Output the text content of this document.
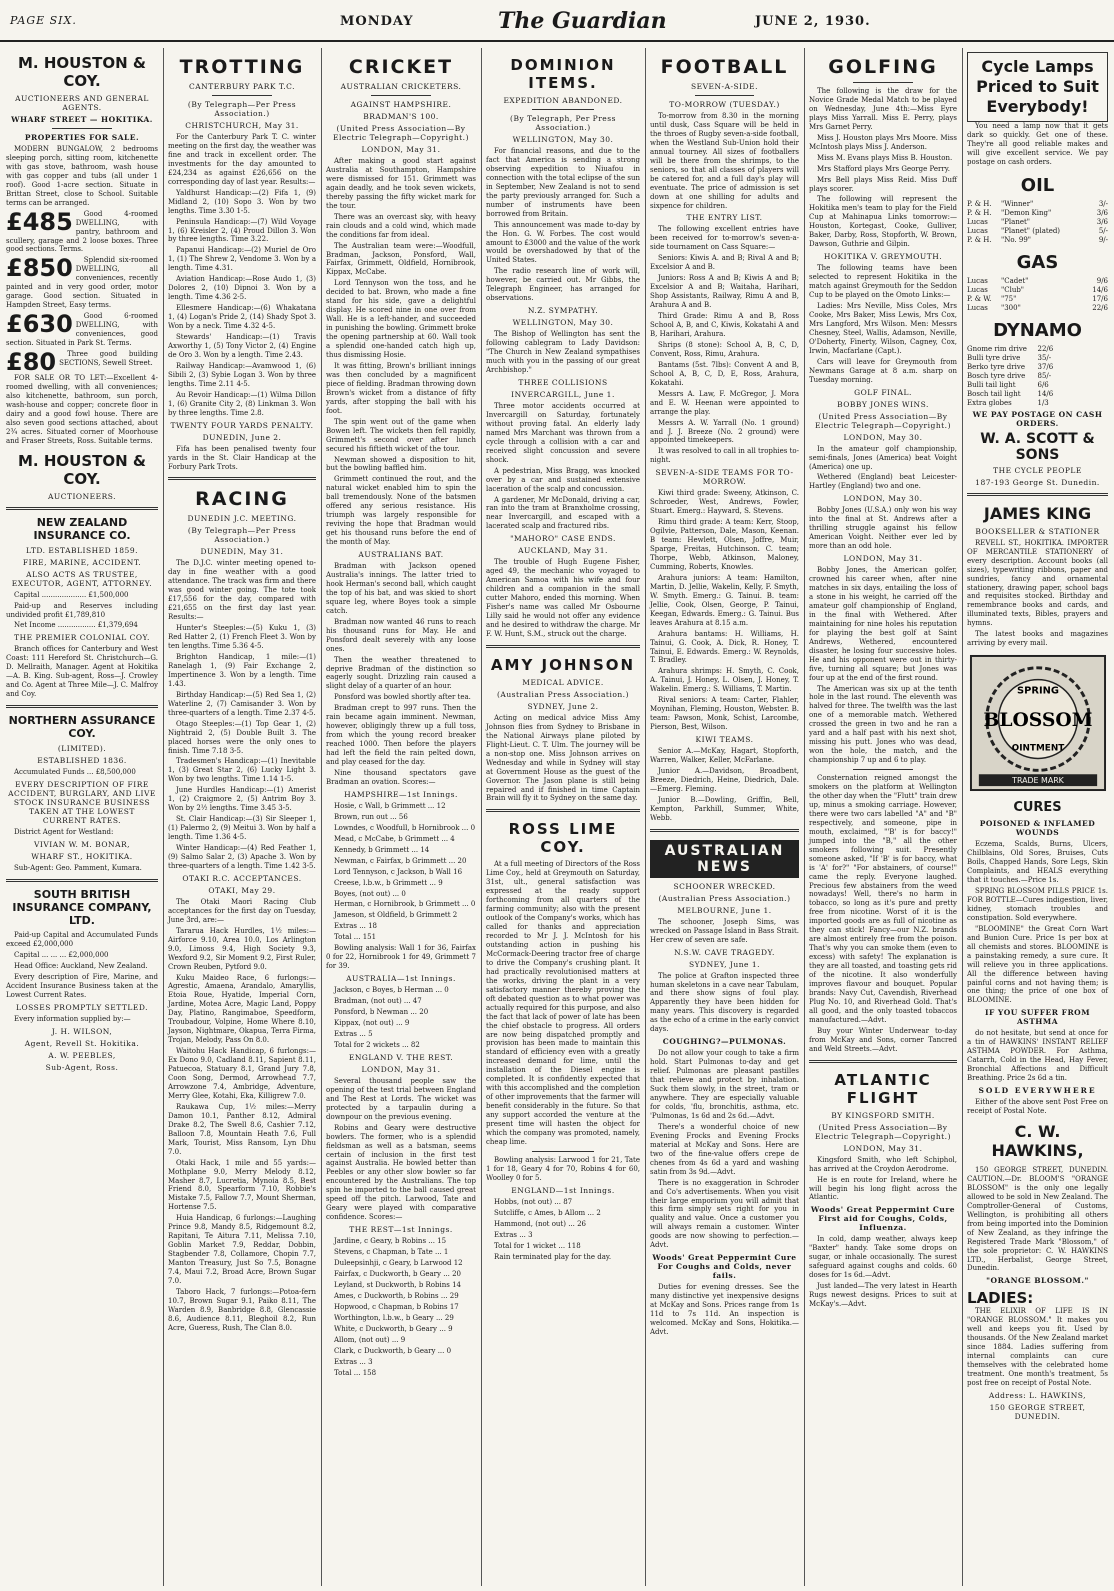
PAGE SIX.	MONDAY	The Guardian	JUNE 2, 1930.
M. HOUSTON & COY.
AUCTIONEERS AND GENERAL AGENTS.
WHARF STREET — HOKITIKA.
PROPERTIES FOR SALE.

MODERN BUNGALOW, 2 bedrooms sleeping porch, sitting room, kitchenette with gas stove, bathroom, wash house with gas copper and tubs (all under 1 roof). Good 1-acre section. Situate in Brittan Street, close to School. Suitable terms can be arranged.

£485	Good 4-roomed DWELLING, with pantry, bathroom and scullery, garage and 2 loose boxes. Three good sections. Terms.

£850	Splendid six-roomed DWELLING, all conveniences, recently painted and in very good order, motor garage. Good section. Situated in Hampden Street, Easy terms.

£630	Good 6-roomed DWELLING, with conveniences, good section. Situated in Park St. Terms.

£80	Three good building SECTIONS, Sewell Street.

FOR SALE OR TO LET:—Excellent 4-roomed dwelling, with all conveniences; also kitchenette, bathroom, sun porch, wash-house and copper; concrete floor in dairy and a good fowl house. There are also seven good sections attached, about 2¾ acres. Situated corner of Moorhouse and Fraser Streets, Ross. Suitable terms.

M. HOUSTON & COY.
AUCTIONEERS.
NEW ZEALAND INSURANCE CO.
LTD. ESTABLISHED 1859.
FIRE, MARINE, ACCIDENT.
ALSO ACTS AS TRUSTEE, EXECUTOR, AGENT, ATTORNEY.

Capital .................... £1,500,000

Paid-up and Reserves including undivided profit £1,789,810

Net Income ................. £1,379,694

THE PREMIER COLONIAL COY.

Branch offices for Canterbury and West Coast: 111 Hereford St. Christchurch—G. D. Mellraith, Manager. Agent at Hokitika—A. B. King. Sub-agent, Ross—J. Crowley and Co. Agent at Three Mile—J. C. Malfroy and Coy.

NORTHERN ASSURANCE COY.
(LIMITED).
ESTABLISHED 1836.

Accumulated Funds ... £8,500,000

EVERY DESCRIPTION OF FIRE ACCIDENT, BURGLARY, AND LIVE STOCK INSURANCE BUSINESS TAKEN AT THE LOWEST CURRENT RATES.

District Agent for Westland:

VIVIAN W. M. BONAR,
WHARF ST., HOKITIKA.

Sub-Agent: Geo. Pamment, Kumara.

SOUTH BRITISH INSURANCE COMPANY, LTD.

Paid-up Capital and Accumulated Funds exceed £2,000,000

Capital ... ... ... £2,000,000

Head Office: Auckland, New Zealand.

Every description of Fire, Marine, and Accident Insurance Business taken at the Lowest Current Rates.

LOSSES PROMPTLY SETTLED.

Every information supplied by:—

J. H. WILSON,
Agent, Revell St. Hokitika.
A. W. PEEBLES,
Sub-Agent, Ross.
TROTTING
CANTERBURY PARK T.C.
(By Telegraph—Per Press Association.)
CHRISTCHURCH, May 31.

For the Canterbury Park T. C. winter meeting on the first day, the weather was fine and track in excellent order. The investments for the day amounted to £24,234 as against £26,656 on the corresponding day of last year. Results:—

Yaldhurst Handicap:—(2) Fifa 1, (9) Midland 2, (10) Sopo 3. Won by two lengths. Time 3.30 1-5.

Peninsula Handicap:—(7) Wild Voyage 1, (6) Kreisler 2, (4) Proud Dillon 3. Won by three lengths. Time 3.22.

Papanui Handicap:—(2) Muriel de Oro 1, (1) The Shrew 2, Vendome 3. Won by a length. Time 4.31.

Aviation Handicap:—Rose Audo 1, (3) Dolores 2, (10) Dipnoi 3. Won by a length. Time 4.36 2-5.

Ellesmere Handicap:—(6) Whakatana 1, (4) Logan's Pride 2, (14) Shady Spot 3. Won by a neck. Time 4.32 4-5.

Stewards' Handicap:—(1) Travis Axworthy 1, (5) Tony Victor 2, (4) Engine de Oro 3. Won by a length. Time 2.43.

Railway Handicap:—Avamwood 1, (6) Sibili 2, (3) Sybie Logan 3. Won by three lengths. Time 2.11 4-5.

Au Revoir Handicap:—(1) Wilma Dillon 1, (6) Granite City 2, (8) Linkman 3. Won by three lengths. Time 2.8.

TWENTY FOUR YARDS PENALTY.
DUNEDIN, June 2.

Fifa has been penalised twenty four yards in the St. Clair Handicap at the Forbury Park Trots.

RACING
DUNEDIN J.C. MEETING.
(By Telegraph—Per Press Association.)
DUNEDIN, May 31.

The D.J.C. winter meeting opened to-day in fine weather with a good attendance. The track was firm and there was good winter going. The tote took £17,556 for the day, compared with £21,655 on the first day last year. Results:—

Hunter's Steeples:—(5) Kuku 1, (3) Red Hatter 2, (1) French Fleet 3. Won by ten lengths. Time 5.36 4-5.

Brighton Handicap, 1 mile:—(1) Ranelagh 1, (9) Fair Exchange 2, Impertinence 3. Won by a length. Time 1.43.

Birthday Handicap:—(5) Red Sea 1, (2) Waterline 2, (7) Camisander 3. Won by three-quarters of a length. Time 2.37 4-5.

Otago Steeples:—(1) Top Gear 1, (2) Nightraid 2, (5) Double Built 3. The placed horses were the only ones to finish. Time 7.18 3-5.

Tradesmen's Handicap:—(1) Inevitable 1, (3) Great Star 2, (6) Lucky Light 3. Won by two lengths. Time 1.14 1-5.

June Hurdles Handicap:—(1) Amerist 1, (2) Craigmore 2, (5) Antrim Boy 3. Won by 2½ lengths. Time 3.45 3-5.

St. Clair Handicap:—(3) Sir Sleeper 1, (1) Palermo 2, (9) Meitui 3. Won by half a length. Time 1.36 4-5.

Winter Handicap:—(4) Red Feather 1, (9) Salmo Salar 2, (3) Apache 3. Won by three-quarters of a length. Time 1.42 3-5.

OTAKI R.C. ACCEPTANCES.
OTAKI, May 29.

The Otaki Maori Racing Club acceptances for the first day on Tuesday, June 3rd, are:—

Tararua Hack Hurdles, 1½ miles:—Airforce 9.10, Area 10.0, Los Arlington 9.0, Limoss 9.4, High Society 9.3, Wexford 9.2, Sir Moment 9.2, First Ruler, Crown Reuben, Pytford 9.0.

Kuku Maideo Race, 6 furlongs:—Agrestic, Amaena, Arandalo, Amaryllis, Etoia Roue, Hyatide, Imperial Corn, Jardine, Motea Acre, Magic Land, Poppy Day, Platino, Rangimaboe, Speedform, Troubadour, Volpine, Home Where 8.10, Jayson, Nightmare, Okapua, Terra Firma, Trojan, Melody, Pass On 8.0.

Waitohu Hack Handicap, 6 furlongs:—Ex Dono 9.0, Cadland 8.11, Sapient 8.11, Patuecoa, Statuary 8.1, Grand Jury 7.8, Coon Song, Dermod, Arrowhead 7.7, Arrowzone 7.4, Ambridge, Adventure, Merry Glee, Kotahi, Eka, Killigrew 7.0.

Raukawa Cup, 1½ miles:—Merry Damon 10.1, Panther 8.12, Admiral Drake 8.2, The Swell 8.6, Cashier 7.12, Balloon 7.8, Mountain Heath 7.6, Full Mark, Tourist, Miss Ransom, Lyn Dhu 7.0.

Otaki Hack, 1 mile and 55 yards:—Mothplane 9.0, Merry Melody 8.12, Masher 8.7, Lucretia, Mynoia 8.5, Best Friend 8.0, Spearform 7.10, Robbie's Mistake 7.5, Fallow 7.7, Mount Sherman, Hortense 7.5.

Huia Handicap, 6 furlongs:—Laughing Prince 9.8, Mandy 8.5, Ridgemount 8.2, Rapitani, Te Aitura 7.11, Melissa 7.10, Goblin Market 7.9, Reddar, Dobbin, Stagbender 7.8, Collamore, Chopin 7.7, Manton Treasury, Just So 7.5, Bonagne 7.4, Maui 7.2, Broad Acre, Brown Sugar 7.0.

Taboro Hack, 7 furlongs:—Potoa-fern 10.7, Brown Sugar 9.1, Paiko 8.11, The Warden 8.9, Banbridge 8.8, Glencassie 8.6, Audience 8.11, Bleghoil 8.2, Run Acre, Gueress, Rush, The Clan 8.0.

CRICKET
AUSTRALIAN CRICKETERS.
AGAINST HAMPSHIRE.
BRADMAN'S 100.
(United Press Association—By Electric Telegraph—Copyright.)
LONDON, May 31.

After making a good start against Australia at Southampton, Hampshire were dismissed for 151. Grimmett was again deadly, and he took seven wickets, thereby passing the fifty wicket mark for the tour.

There was an overcast sky, with heavy rain clouds and a cold wind, which made the conditions far from ideal.

The Australian team were:—Woodfull, Bradman, Jackson, Ponsford, Wall, Fairfax, Grimmett, Oldfield, Hornibrook, Kippax, McCabe.

Lord Tennyson won the toss, and he decided to bat. Brown, who made a fine stand for his side, gave a delightful display. He scored nine in one over from Wall. He is a left-hander, and succeeded in punishing the bowling. Grimmett broke the opening partnership at 60. Wall took a splendid one-handed catch high up, thus dismissing Hosie.

It was fitting, Brown's brilliant innings was then concluded by a magnificent piece of fielding. Bradman throwing down Brown's wicket from a distance of fifty yards, after stopping the ball with his foot.

The spin went out of the game when Bowen left. The wickets then fell rapidly, Grimmett's second over after lunch secured his fiftieth wicket of the tour.

Newman showed a disposition to hit, but the bowling baffled him.

Grimmett continued the rout, and the natural wicket enabled him to spin the ball tremendously. None of the batsmen offered any serious resistance. His triumph was largely responsible for reviving the hope that Bradman would get his thousand runs before the end of the month of May.

AUSTRALIANS BAT.

Bradman with Jackson opened Australia's innings. The latter tried to hook Herman's second ball, which caught the top of his bat, and was skied to short square leg, where Boyes took a simple catch.

Bradman now wanted 46 runs to reach his thousand runs for May. He and Ponsford dealt severely with any loose ones.

Then the weather threatened to deprive Bradman of the distinction so eagerly sought. Drizzling rain caused a slight delay of a quarter of an hour.

Ponsford was bowled shortly after tea.

Bradman crept to 997 runs. Then the rain became again imminent. Newman, however, obligingly threw up a full toss, from which the young record breaker reached 1000. Then before the players had left the field the rain pelted down, and play ceased for the day.

Nine thousand spectators gave Bradman an ovation. Scores:—

HAMPSHIRE—1st Innings.

Hosie, c Wall, b Grimmett ... 12

Brown, run out ... 56

Lowndes, c Woodfull, b Hornibrook ... 0

Mead, c McCabe, b Grimmett ... 4

Kennedy, b Grimmett ... 14

Newman, c Fairfax, b Grimmett ... 20

Lord Tennyson, c Jackson, b Wall 16

Creese, l.b.w., b Grimmett ... 9

Boyes, (not out) ... 0

Herman, c Hornibrook, b Grimmett ... 0

Jameson, st Oldfield, b Grimmett 2

Extras ... 18

Total ... 151

Bowling analysis: Wall 1 for 36, Fairfax 0 for 22, Hornibrook 1 for 49, Grimmett 7 for 39.

AUSTRALIA—1st Innings.

Jackson, c Boyes, b Herman ... 0

Bradman, (not out) ... 47

Ponsford, b Newman ... 20

Kippax, (not out) ... 9

Extras ... 5

Total for 2 wickets ... 82

ENGLAND V. THE REST.
LONDON, May 31.

Several thousand people saw the opening of the test trial between England and The Rest at Lords. The wicket was protected by a tarpaulin during a downpour on the previous evening.

Robins and Geary were destructive bowlers. The former, who is a splendid fieldsman as well as a batsman, seems certain of inclusion in the first test against Australia. He bowled better than Peebles or any other slow bowler so far encountered by the Australians. The top spin he imported to the ball caused great speed off the pitch. Larwood, Tate and Geary were played with comparative confidence. Scores:—

THE REST—1st Innings.

Jardine, c Geary, b Robins ... 15

Stevens, c Chapman, b Tate ... 1

Duleepsinhji, c Geary, b Larwood 12

Fairfax, c Duckworth, b Geary ... 20

Leyland, st Duckworth, b Robins 14

Ames, c Duckworth, b Robins ... 29

Hopwood, c Chapman, b Robins 17

Worthington, l.b.w., b Geary ... 29

White, c Duckworth, b Geary ... 9

Allom, (not out) ... 9

Clark, c Duckworth, b Geary ... 0

Extras ... 3

Total ... 158

DOMINION ITEMS.
EXPEDITION ABANDONED.
(By Telegraph, Per Press Association.)
WELLINGTON, May 30.

For financial reasons, and due to the fact that America is sending a strong observing expedition to Niuafou in connection with the total eclipse of the sun in September, New Zealand is not to send the party previously arranged for. Such a number of instruments have been borrowed from Britain.

This announcement was made to-day by the Hon. G. W. Forbes. The cost would amount to £3000 and the value of the work would be overshadowed by that of the United States.

The radio research line of work will, however, be carried out. Mr Gibbs, the Telegraph Engineer, has arranged for observations.

N.Z. SYMPATHY.
WELLINGTON, May 30.

The Bishop of Wellington has sent the following cablegram to Lady Davidson: "The Church in New Zealand sympathises much with you in the passing of our great Archbishop."

THREE COLLISIONS
INVERCARGILL, June 1.

Three motor accidents occurred at Invercargill on Saturday, fortunately without proving fatal. An elderly lady named Mrs Marchant was thrown from a cycle through a collision with a car and received slight concussion and severe shock.

A pedestrian, Miss Bragg, was knocked over by a car and sustained extensive laceration of the scalp and concussion.

A gardener, Mr McDonald, driving a car, ran into the tram at Branxholme crossing, near Invercargill, and escaped with a lacerated scalp and fractured ribs.

"MAHORO" CASE ENDS.
AUCKLAND, May 31.

The trouble of Hugh Eugene Fisher, aged 49, the mechanic who voyaged to American Samoa with his wife and four children and a companion in the small cutter Mahoro, ended this morning. When Fisher's name was called Mr Osbourne Lilly said he would not offer any evidence and he desired to withdraw the charge. Mr F. W. Hunt, S.M., struck out the charge.

AMY JOHNSON
MEDICAL ADVICE.
(Australian Press Association.)
SYDNEY, June 2.

Acting on medical advice Miss Amy Johnson flies from Sydney to Brisbane in the National Airways plane piloted by Flight-Lieut. C. T. Ulm. The journey will be a non-stop one. Miss Johnson arrives on Wednesday and while in Sydney will stay at Government House as the guest of the Governor. The Jason plane is still being repaired and if finished in time Captain Brain will fly it to Sydney on the same day.

ROSS LIME COY.

At a full meeting of Directors of the Ross Lime Coy., held at Greymouth on Saturday, 31st, ult., general satisfaction was expressed at the ready support forthcoming from all quarters of the farming community; also with the present outlook of the Company's works, which has called for thanks and appreciation recorded to Mr J. J. McIntosh for his outstanding action in pushing his McCormack-Deering tractor free of charge to drive the Company's crushing plant. It had practically revolutionised matters at the works, driving the plant in a very satisfactory manner thereby proving the oft debated question as to what power was actually required for this purpose, and also the fact that lack of power of late has been the chief obstacle to progress. All orders are now being dispatched promptly and provision has been made to maintain this standard of efficiency even with a greatly increased demand for lime, until the installation of the Diesel engine is completed. It is confidently expected that with this accomplished and the completion of other improvements that the farmer will benefit considerably in the future. So that any support accorded the venture at the present time will hasten the object for which the company was promoted, namely, cheap lime.

Bowling analysis: Larwood 1 for 21, Tate 1 for 18, Geary 4 for 70, Robins 4 for 60, Woolley 0 for 5.

ENGLAND—1st Innings.

Hobbs, (not out) ... 87

Sutcliffe, c Ames, b Allom ... 2

Hammond, (not out) ... 26

Extras ... 3

Total for 1 wicket ... 118

Rain terminated play for the day.

FOOTBALL
SEVEN-A-SIDE.
TO-MORROW (TUESDAY.)

To-morrow from 8.30 in the morning until dusk, Cass Square will be held in the throes of Rugby seven-a-side football, when the Westland Sub-Union hold their annual tourney. All sizes of footballers will be there from the shrimps, to the seniors, so that all classes of players will be catered for, and a full day's play will eventuate. The price of admission is set down at one shilling for adults and sixpence for children.

THE ENTRY LIST.

The following excellent entries have been received for to-morrow's seven-a-side tournament on Cass Square:—

Seniors: Kiwis A. and B; Rival A and B; Excelsior A and B.

Juniors: Ross A and B; Kiwis A and B; Excelsior A and B; Waitaha, Harihari, Shop Assistants, Railway, Rimu A and B, Arahura A and B.

Third Grade: Rimu A and B, Ross School A, B, and C, Kiwis, Kokatahi A and B, Harihari, Arahura.

Shrips (8 stone): School A, B, C, D, Convent, Ross, Rimu, Arahura.

Bantams (5st. 7lbs): Convent A and B, School A, B, C, D, E, Ross, Arahura, Kokatahi.

Messrs A. Law, F. McGregor, J. Mora and E. W. Heenan were appointed to arrange the play.

Messrs A. W. Yarrall (No. 1 ground) and J. J. Breeze (No. 2 ground) were appointed timekeepers.

It was resolved to call in all trophies to-night.

SEVEN-A-SIDE TEAMS FOR TO-MORROW.

Kiwi third grade: Sweeny, Atkinson, C. Schroeder, West, Andrews, Fowler, Stuart. Emerg.: Hayward, S. Stevens.

Rimu third grade: A team: Kerr, Stoop, Ogilvie, Patterson, Dale, Mason, Keenan. B team: Hewlett, Olsen, Joffre, Muir, Sparge, Freitas, Hutchinson. C. team; Thorpe, Webb, Atkinson, Maloney, Cumming, Roberts, Knowles.

Arahura juniors: A team: Hamilton, Martin, D. Jellie, Wakelin, Kelly, F. Smyth, W. Smyth. Emerg.: G. Tainui. B. team: Jellie, Cook, Olsen, George, P. Tainui, Keegan, Edwards. Emerg.: G. Tainui. Bus leaves Arahura at 8.15 a.m.

Arahura bantams: H. Williams, H. Tainui, G. Cook, A. Dick, R. Honey, T. Tainui, E. Edwards. Emerg.: W. Reynolds, T. Bradley.

Arahura shrimps: H. Smyth, C. Cook, A. Tainui, J. Honey, L. Olsen, J. Honey, T. Wakelin. Emerg.: S. Williams, T. Martin.

Rival seniors: A team: Carter, Flahler, Moynihan, Fleming, Houston, Webster. B. team: Pawson, Monk, Schist, Larcombe, Pierson, Best, Wilson.

KIWI TEAMS.

Senior A.—McKay, Hagart, Stopforth, Warren, Walker, Keller, McFarlane.

Junior A.—Davidson, Broadbent, Breeze, Diedrich, Heine, Diedrich, Dale.—Emerg. Fleming.

Junior B.—Dowling, Griffin, Bell, Kempton, Parkhill, Summer, White, Webb.

AUSTRALIAN NEWS
SCHOONER WRECKED.
(Australian Press Association.)
MELBOURNE, June 1.

The schooner, Joseph Sims, was wrecked on Passage Island in Bass Strait. Her crew of seven are safe.

N.S.W. CAVE TRAGEDY.
SYDNEY, June 1.

The police at Grafton inspected three human skeletons in a cave near Tabulam, and there show signs of foul play. Apparently they have been hidden for many years. This discovery is regarded as the echo of a crime in the early convict days.

COUGHING?—PULMONAS.

Do not allow your cough to take a firm hold. Start Pulmonas to-day and get relief. Pulmonas are pleasant pastilles that relieve and protect by inhalation. Suck them slowly, in the street, tram or anywhere. They are especially valuable for colds, 'flu, bronchitis, asthma, etc. 'Pulmonas, 1s 6d and 2s 6d.—Advt.

There's a wonderful choice of new Evening Frocks and Evening Frocks material at McKay and Sons. Here are two of the fine-value offers crepe de chenes from 4s 6d a yard and washing satin from 3s 9d.—Advt.

There is no exaggeration in Schroder and Co's advertisements. When you visit their large emporium you will admit that this firm simply sets right for you in quality and value. Once a customer you will always remain a customer. Winter goods are now showing to perfection.—Advt.

Woods' Great Peppermint Cure For Coughs and Colds, never fails.

Duties for evening dresses. See the many distinctive yet inexpensive designs at McKay and Sons. Prices range from 1s 11d to 7s 11d. An inspection is welcomed. McKay and Sons, Hokitika.—Advt.

GOLFING

The following is the draw for the Novice Grade Medal Match to be played on Wednesday, June 4th:—Miss Eyre plays Miss Yarrall. Miss E. Perry, plays Mrs Garnet Perry.

Miss J. Houston plays Mrs Moore. Miss McIntosh plays Miss J. Anderson.

Miss M. Evans plays Miss B. Houston.

Mrs Stafford plays Mrs George Perry.

Mrs Bell plays Miss Reid. Miss Duff plays scorer.

The following will represent the Hokitika men's team to play for the Field Cup at Mahinapua Links tomorrow:—Houston, Kortegast, Cooke, Gulliver, Baker, Darby, Ross, Stopforth, W. Brown, Dawson, Guthrie and Gilpin.

HOKITIKA V. GREYMOUTH.

The following teams have been selected to represent Hokitika in the match against Greymouth for the Seddon Cup to be played on the Omoto Links:—

Ladies: Mrs Neville, Miss Coles, Mrs Cooke, Mrs Baker, Miss Lewis, Mrs Cox, Mrs Langford, Mrs Wilson. Men: Messrs Chesney, Steel, Wallis, Adamson, Neville, O'Doherty, Finerty, Wilson, Cagney, Cox, Irwin, Macfarlane (Capt.).

Cars will leave for Greymouth from Newmans Garage at 8 a.m. sharp on Tuesday morning.

GOLF FINAL.
BOBBY JONES WINS.
(United Press Association—By Electric Telegraph—Copyright.)
LONDON, May 30.

In the amateur golf championship, semi-finals, Jones (America) beat Voight (America) one up.

Wethered (England) beat Leicester-Hartley (England) two and one.

LONDON, May 30.

Bobby Jones (U.S.A.) only won his way into the final at St. Andrews after a thrilling struggle against his fellow American Voight. Neither ever led by more than an odd hole.

LONDON, May 31.

Bobby Jones, the American golfer, crowned his career when, after nine matches in six days, entailing the loss of a stone in his weight, he carried off the amateur golf championship of England, in the final with Wethered. After maintaining for nine holes his reputation for playing the best golf at Saint Andrews, Wethered, encountered disaster, he losing four successive holes. He and his opponent were out in thirty-five, turning all square; but Jones was four up at the end of the first round.

The American was six up at the tenth hole in the last round. The eleventh was halved for three. The twelfth was the last one of a memorable match. Wethered crossed the green in two and he ran a yard and a half past with his next shot, missing his putt. Jones who was dead, won the hole, the match, and the championship 7 up and 6 to play.

Consternation reigned amongst the smokers on the platform at Wellington the other day when the "Flutt" train drew up, minus a smoking carriage. However, there were two cars labelled "A" and "B" respectively, and someone, pipe in mouth, exclaimed, "'B' is for baccy!" jumped into the "B," all the other smokers following suit. Presently someone asked, "If 'B' is for baccy, what is 'A' for?" "For abstainers, of course!" came the reply. Everyone laughed. Precious few abstainers from the weed nowadays! Well, there's no harm in tobacco, so long as it's pure and pretty free from nicotine. Worst of it is the imported goods are as full of nicotine as they can stick! Fancy—our N.Z. brands are almost entirely free from the poison. That's why you can smoke them (even to excess) with safety! The explanation is they are all toasted, and toasting gets rid of the nicotine. It also wonderfully improves flavour and bouquet. Popular brands: Navy Cut, Cavendish, Riverhead Plug No. 10, and Riverhead Gold. That's all good, and the only toasted tobaccos manufactured.—Advt.

Buy your Winter Underwear to-day from McKay and Sons, corner Tancred and Weld Streets.—Advt.

ATLANTIC FLIGHT
BY KINGSFORD SMITH.
(United Press Association—By Electric Telegraph—Copyright.)
LONDON, May 31.

Kingsford Smith, who left Schiphol, has arrived at the Croydon Aerodrome.

He is en route for Ireland, where he will begin his long flight across the Atlantic.

Woods' Great Peppermint Cure First aid for Coughs, Colds, Influenza.

In cold, damp weather, always keep "Baxter" handy. Take some drops on sugar, or inhale occasionally. The surest safeguard against coughs and colds. 60 doses for 1s 6d.—Advt.

Just landed—The very latest in Hearth Rugs newest designs. Prices to suit at McKay's.—Advt.

Cycle Lamps Priced to Suit Everybody!

You need a lamp now that it gets dark so quickly. Get one of these. They're all good reliable makes and will give excellent service. We pay postage on cash orders.

OIL
P. & H.	"Winner"	3/-
P. & H.	"Demon King"	3/6
Lucas	"Planet"	3/6
Lucas	"Planet" (plated)	5/-
P. & H.	"No. 99"	9/-
GAS
Lucas	"Cadet"	9/6
Lucas	"Club"	14/6
P. & W.	"75"	17/6
Lucas	"300"	22/6
DYNAMO
Gnome rim drive	22/6
Bulli tyre drive	35/-
Berko tyre drive	37/6
Bosch tyre drive	85/-
Bulli tail light	6/6
Bosch tail light	14/6
Extra globes	1/3
WE PAY POSTAGE ON CASH ORDERS.
W. A. SCOTT & SONS
THE CYCLE PEOPLE
187-193 George St. Dunedin.
JAMES KING
BOOKSELLER & STATIONER

REVELL ST., HOKITIKA. IMPORTER OF MERCANTILE STATIONERY of every description. Account books (all sizes), typewriting ribbons, paper and sundries, fancy and ornamental stationery, drawing paper, school bags and requisites stocked. Birthday and remembrance books and cards, and illuminated texts, Bibles, prayers and hymns.

The latest books and magazines arriving by every mail.

SPRING
BLOSSOM
OINTMENT
TRADE MARK
CURES
POISONED & INFLAMED WOUNDS

Eczema, Scalds, Burns, Ulcers, Chilblains, Old Sores, Bruises, Cuts Boils, Chapped Hands, Sore Legs, Skin Complaints, and HEALS everything that it touches.—Price 1s.

SPRING BLOSSOM PILLS PRICE 1s. FOR BOTTLE—Cures indigestion, liver, kidney, stomach troubles and constipation. Sold everywhere.

"BLOOMINE" the Great Corn Wart and Bunion Cure. Price 1s per box at all chemists and stores. BLOOMINE is a painstaking remedy, a sure cure. It will relieve you in three applications. All the difference between having painful corns and not having them; is one thing; the price of one box of BLOOMINE.

IF YOU SUFFER FROM ASTHMA

do not hesitate, but send at once for a tin of HAWKINS' INSTANT RELIEF ASTHMA POWDER. For Asthma, Catarrh, Cold in the Head, Hay Fever, Bronchial Affections and Difficult Breathing. Price 2s 6d a tin.

SOLD EVERYWHERE

Either of the above sent Post Free on receipt of Postal Note.

C. W. HAWKINS,

150 GEORGE STREET, DUNEDIN. CAUTION.—Dr. BLOOM'S "ORANGE BLOSSOM" is the only one legally allowed to be sold in New Zealand. The Comptroller-General of Customs, Wellington, is prohibiting all others from being imported into the Dominion of New Zealand, as they infringe the Registered Trade Mark "Blossom," of the sole proprietor: C. W. HAWKINS LTD., Herbalist, George Street, Dunedin.

"ORANGE BLOSSOM."
LADIES:

THE ELIXIR OF LIFE IS IN "ORANGE BLOSSOM." It makes you well and keeps you fit. Used by thousands. Of the New Zealand market since 1884. Ladies suffering from internal complaints can cure themselves with the celebrated home treatment. One month's treatment, 5s post free on receipt of Postal Note.

Address: L. HAWKINS,
150 GEORGE STREET, DUNEDIN.
